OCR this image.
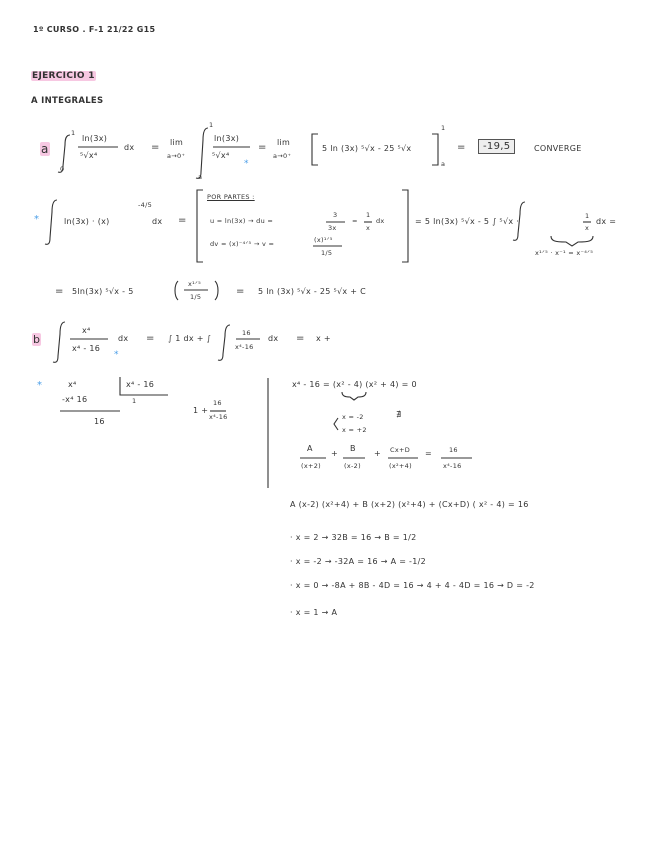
1º CURSO . F-1 21/22 G15
EJERCICIO 1
A INTEGRALES
a
1
0
ln(3x)
⁵√x⁴
dx = lim
a→0⁺
1
a
ln(3x)
⁵√x⁴
*
= lim
a→0⁺
5 ln (3x) ⁵√x - 25 ⁵√x
1
a
=	-19,5	CONVERGE
*	ln(3x) · (x)
-4/5
dx =
POR PARTES :
u = ln(3x) → du =
3
3x
=
1
x
dx
dv = (x)⁻⁴ᐟ⁵ → v =	(x)¹ᐟ⁵
1/5
= 5 ln(3x) ⁵√x - 5 ∫ ⁵√x ·
1
x
dx =
x¹ᐟ⁵ · x⁻¹ = x⁻⁴ᐟ⁵
= 5ln(3x) ⁵√x - 5
x¹ᐟ⁵
1/5	= 5 ln (3x) ⁵√x - 25 ⁵√x + C
b
x⁴
x⁴ - 16
dx
*
= ∫ 1 dx + ∫
16
x⁴-16
dx = x +
*	x⁴	x⁴ - 16
-x⁴ 16	1
16
1 +
16
x⁴-16
x⁴ - 16 = (x² - 4) (x² + 4) = 0
x = -2
x = +2
∄
A
(x+2)
+
B
(x-2)
+ Cx+D
(x²+4)
=	16
x⁴-16
A (x-2) (x²+4) + B (x+2) (x²+4) + (Cx+D) ( x² - 4) = 16
· x = 2 → 32B = 16 → B = 1/2
· x = -2 → -32A = 16 → A = -1/2
· x = 0 → -8A + 8B - 4D = 16 → 4 + 4 - 4D = 16 → D = -2
· x = 1 → A
